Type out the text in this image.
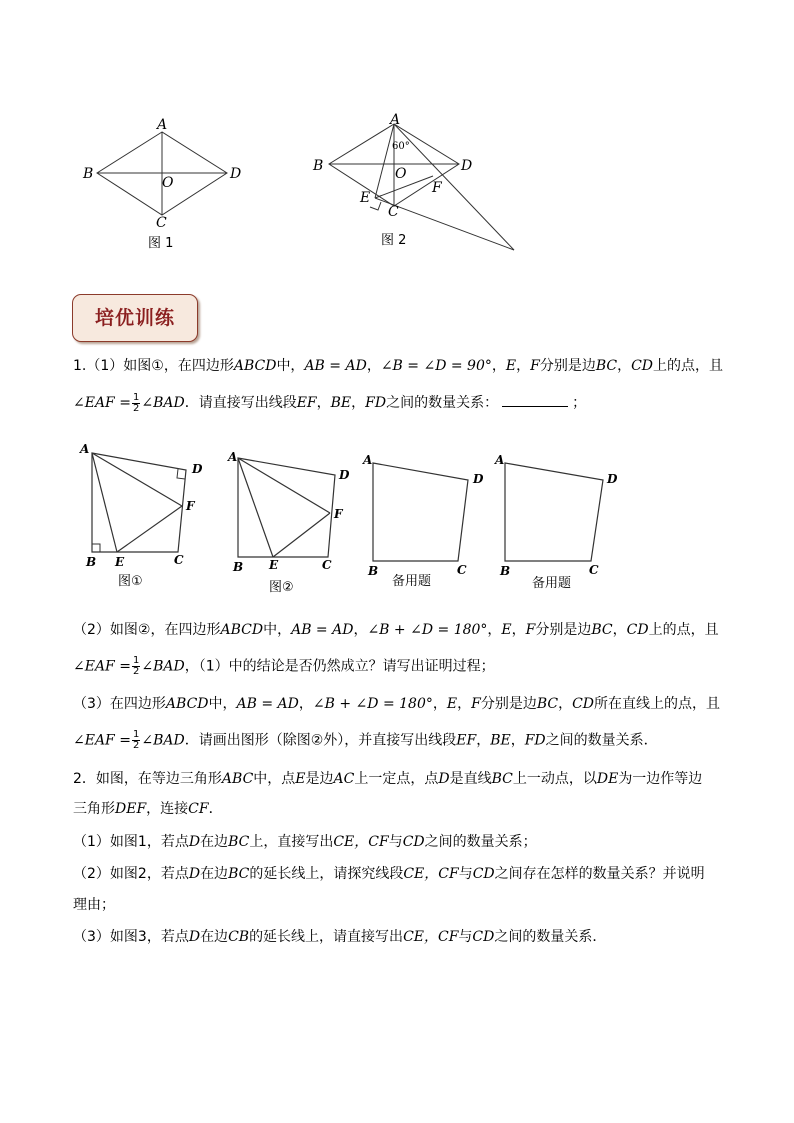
A
B
C
D
O
图 1
A
B
C
D
O
E
F
60°
图 2
培优训练
1.（1）如图①，在四边形ABCD中，AB = AD，∠B = ∠D = 90°，E，F分别是边BC，CD上的点，且
∠EAF = $\frac{1}{2}$ ∠BAD．请直接写出线段EF，BE，FD之间的数量关系：	；
A
B	C
D
E
F
图①
A
B	C
D
E
F
图②
A
B	C
D
备用题
A
B	C
D
备用题
（2）如图②，在四边形ABCD中，AB = AD，∠B + ∠D = 180°，E，F分别是边BC，CD上的点，且
∠EAF = $\frac{1}{2}$ ∠BAD，（1）中的结论是否仍然成立？请写出证明过程；
（3）在四边形ABCD中，AB = AD，∠B + ∠D = 180°，E，F分别是边BC，CD所在直线上的点，且
∠EAF = $\frac{1}{2}$ ∠BAD．请画出图形（除图②外），并直接写出线段EF，BE，FD之间的数量关系．
2．如图，在等边三角形ABC中，点E是边AC上一定点，点D是直线BC上一动点，以DE为一边作等边
三角形DEF，连接CF．
（1）如图1，若点D在边BC上，直接写出CE，CF与CD之间的数量关系；
（2）如图2，若点D在边BC的延长线上，请探究线段CE，CF与CD之间存在怎样的数量关系？并说明
理由；
（3）如图3，若点D在边CB的延长线上，请直接写出CE，CF与CD之间的数量关系．
